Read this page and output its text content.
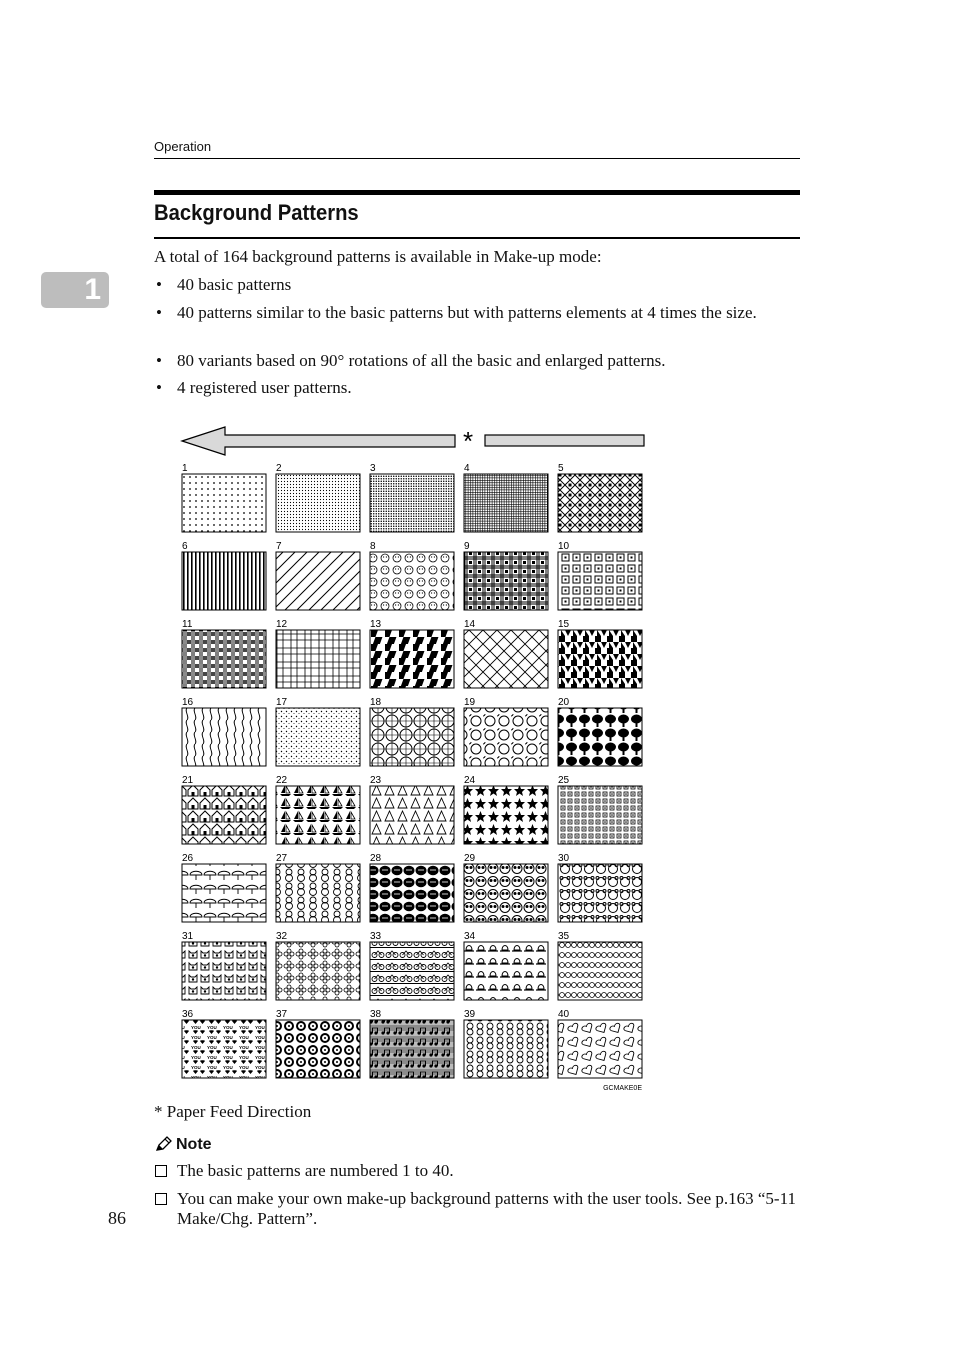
Operation
1
Background Patterns
A total of 164 background patterns is available in Make-up mode:
• 40 basic patterns
• 40 patterns similar to the basic patterns but with patterns elements at 4 times the size.
• 80 variants based on 90° rotations of all the basic and enlarged patterns.
• 4 registered user patterns.
*
1	2	3	4	5
6	7	8	9	10
11	12	13	14	15
16	17	18	19	20
21	22	23	24	25
26	27	28	29	30
31	32	33	34	35
36	37	38	39	40
GCMAKE0E
* Paper Feed Direction
Note
The basic patterns are numbered 1 to 40.
You can make your own make-up background patterns with the user tools. See p.163 “5-11 Make/Chg. Pattern”.
86
